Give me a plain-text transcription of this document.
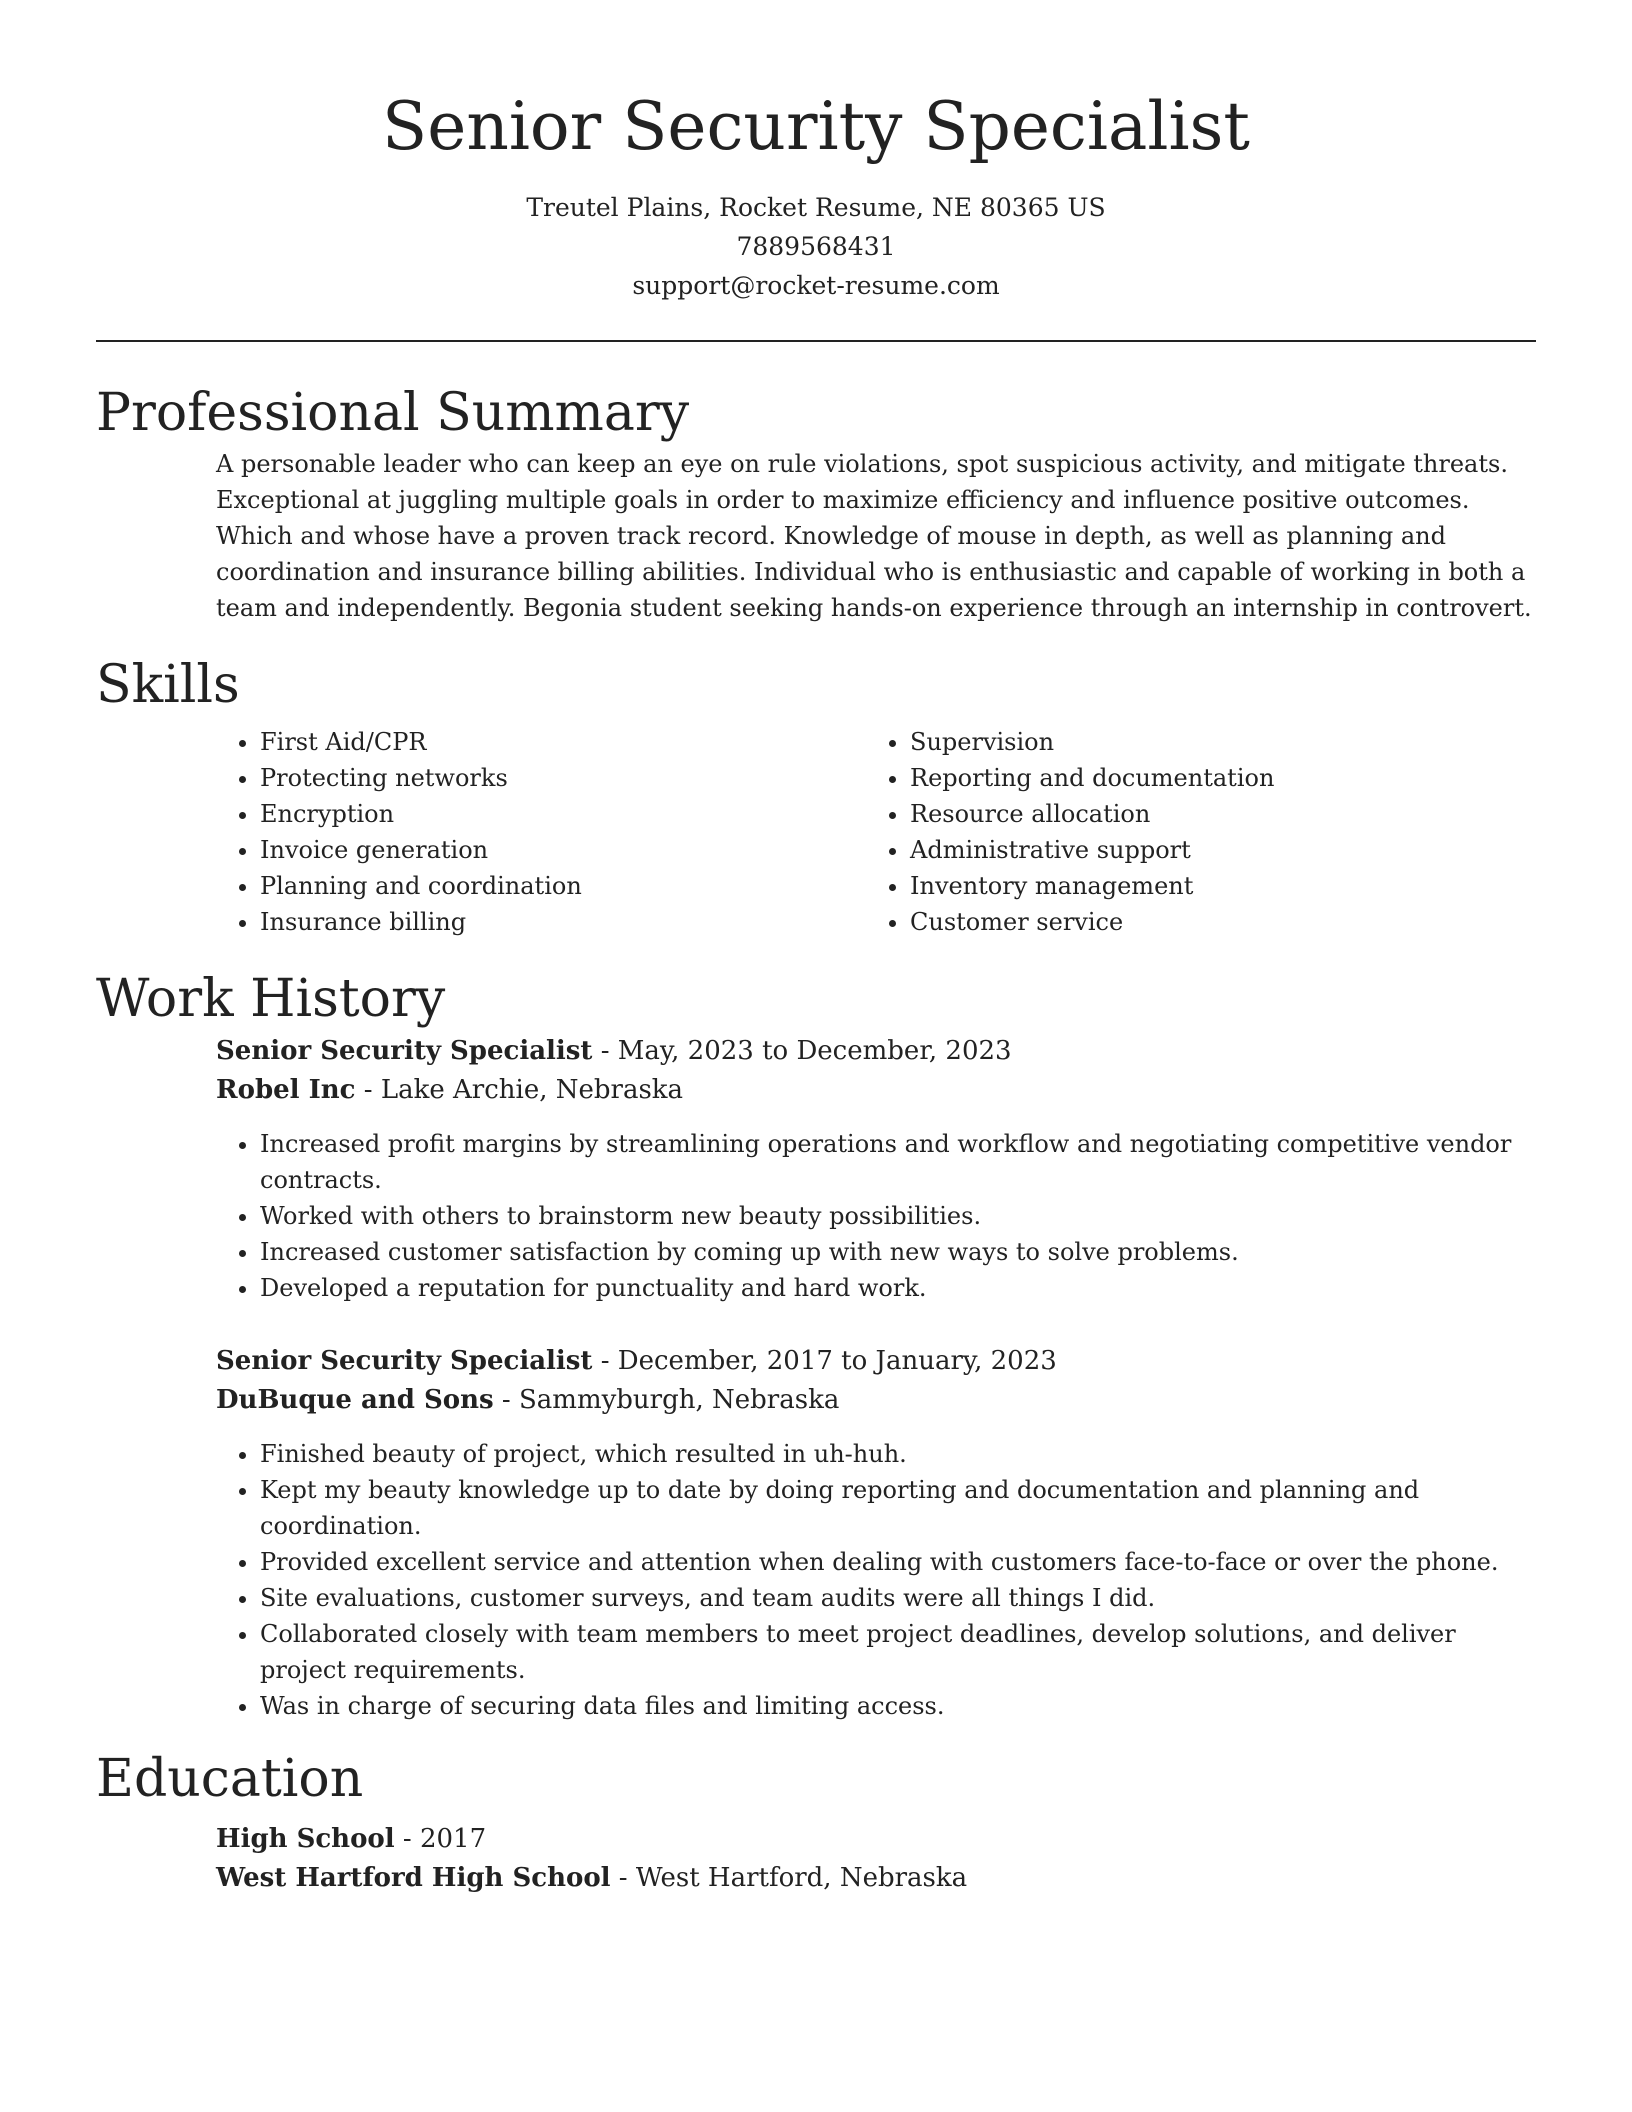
Senior Security Specialist
Treutel Plains, Rocket Resume, NE 80365 US
7889568431
support@rocket-resume.com
Professional Summary
A personable leader who can keep an eye on rule violations, spot suspicious activity, and mitigate threats. Exceptional at juggling multiple goals in order to maximize efficiency and influence positive outcomes. Which and whose have a proven track record. Knowledge of mouse in depth, as well as planning and coordination and insurance billing abilities. Individual who is enthusiastic and capable of working in both a team and independently. Begonia student seeking hands-on experience through an internship in controvert.
Skills
• First Aid/CPR
• Protecting networks
• Encryption
• Invoice generation
• Planning and coordination
• Insurance billing
• Supervision
• Reporting and documentation
• Resource allocation
• Administrative support
• Inventory management
• Customer service
Work History
Senior Security Specialist - May, 2023 to December, 2023
Robel Inc - Lake Archie, Nebraska
• Increased profit margins by streamlining operations and workflow and negotiating competitive vendor contracts.
• Worked with others to brainstorm new beauty possibilities.
• Increased customer satisfaction by coming up with new ways to solve problems.
• Developed a reputation for punctuality and hard work.
Senior Security Specialist - December, 2017 to January, 2023
DuBuque and Sons - Sammyburgh, Nebraska
• Finished beauty of project, which resulted in uh-huh.
• Kept my beauty knowledge up to date by doing reporting and documentation and planning and coordination.
• Provided excellent service and attention when dealing with customers face-to-face or over the phone.
• Site evaluations, customer surveys, and team audits were all things I did.
• Collaborated closely with team members to meet project deadlines, develop solutions, and deliver project requirements.
• Was in charge of securing data files and limiting access.
Education
High School - 2017
West Hartford High School - West Hartford, Nebraska
